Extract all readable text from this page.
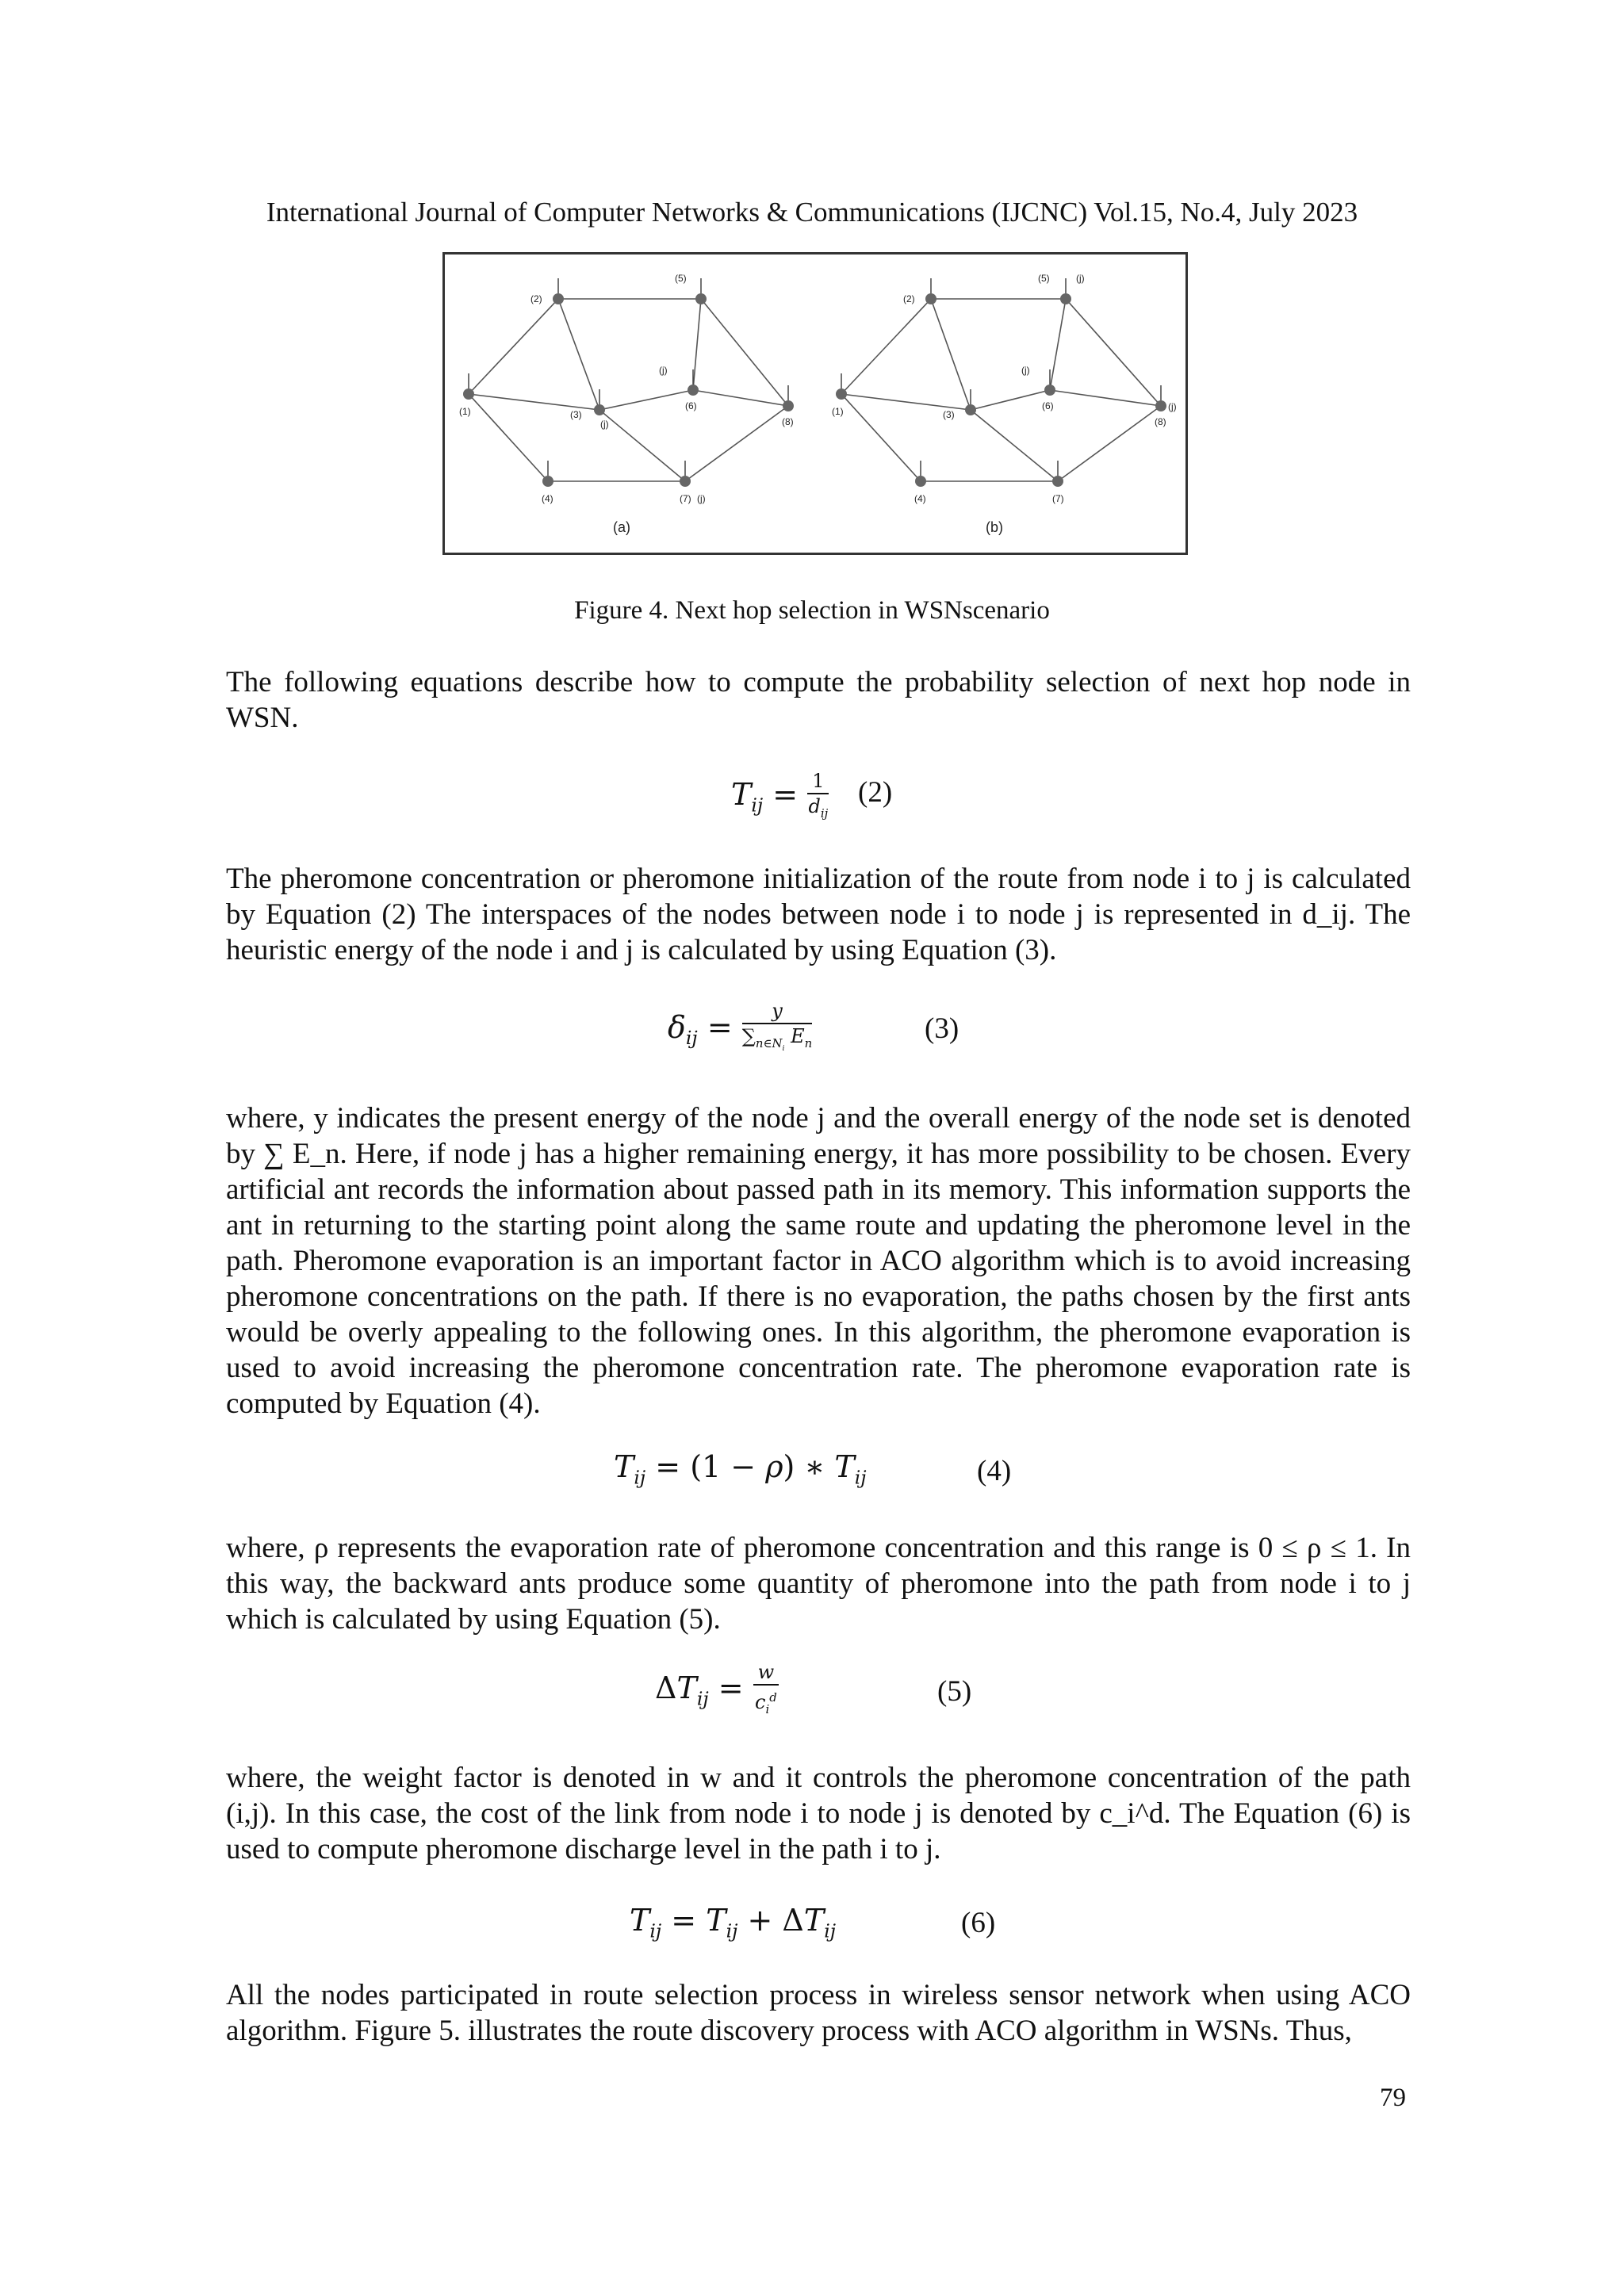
International Journal of Computer Networks & Communications (IJCNC) Vol.15, No.4, July 2023
(1)
(2)
(3)
(4)
(5)
(6)
(7)
(8)
(j)
(j)
(j)
(1)
(2)
(3)
(4)
(5)
(6)
(7)
(8)
(j)
(j)
(j)
(a)	(b)
Figure 4. Next hop selection in WSNscenario
The following equations describe how to compute the probability selection of next hop node in WSN.
$T_{ij} = \frac{1}{d_{ij}} (2)$
The pheromone concentration or pheromone initialization of the route from node i to j is calculated by Equation (2) The interspaces of the nodes between node i to node j is represented in d_ij. The heuristic energy of the node i and j is calculated by using Equation (3).
$\delta_{ij} = \frac{y}{\sum_{n\in N_i} E_n}$	(3)
where, y indicates the present energy of the node j and the overall energy of the node set is denoted by ∑ E_n. Here, if node j has a higher remaining energy, it has more possibility to be chosen. Every artificial ant records the information about passed path in its memory. This information supports the ant in returning to the starting point along the same route and updating the pheromone level in the path. Pheromone evaporation is an important factor in ACO algorithm which is to avoid increasing pheromone concentrations on the path. If there is no evaporation, the paths chosen by the first ants would be overly appealing to the following ones. In this algorithm, the pheromone evaporation is used to avoid increasing the pheromone concentration rate. The pheromone evaporation rate is computed by Equation (4).
$T_{ij} = (1 - \rho)$ ∗ $T_{ij}$	(4)
where, ρ represents the evaporation rate of pheromone concentration and this range is 0 ≤ ρ ≤ 1. In this way, the backward ants produce some quantity of pheromone into the path from node i to j which is calculated by using Equation (5).
$\Delta T_{ij} = \frac{w}{c_i^d}$	(5)
where, the weight factor is denoted in w and it controls the pheromone concentration of the path (i,j). In this case, the cost of the link from node i to node j is denoted by c_i^d. The Equation (6) is used to compute pheromone discharge level in the path i to j.
$T_{ij} = T_{ij} + \Delta T_{ij}$	(6)
All the nodes participated in route selection process in wireless sensor network when using ACO algorithm. Figure 5. illustrates the route discovery process with ACO algorithm in WSNs. Thus,
79
